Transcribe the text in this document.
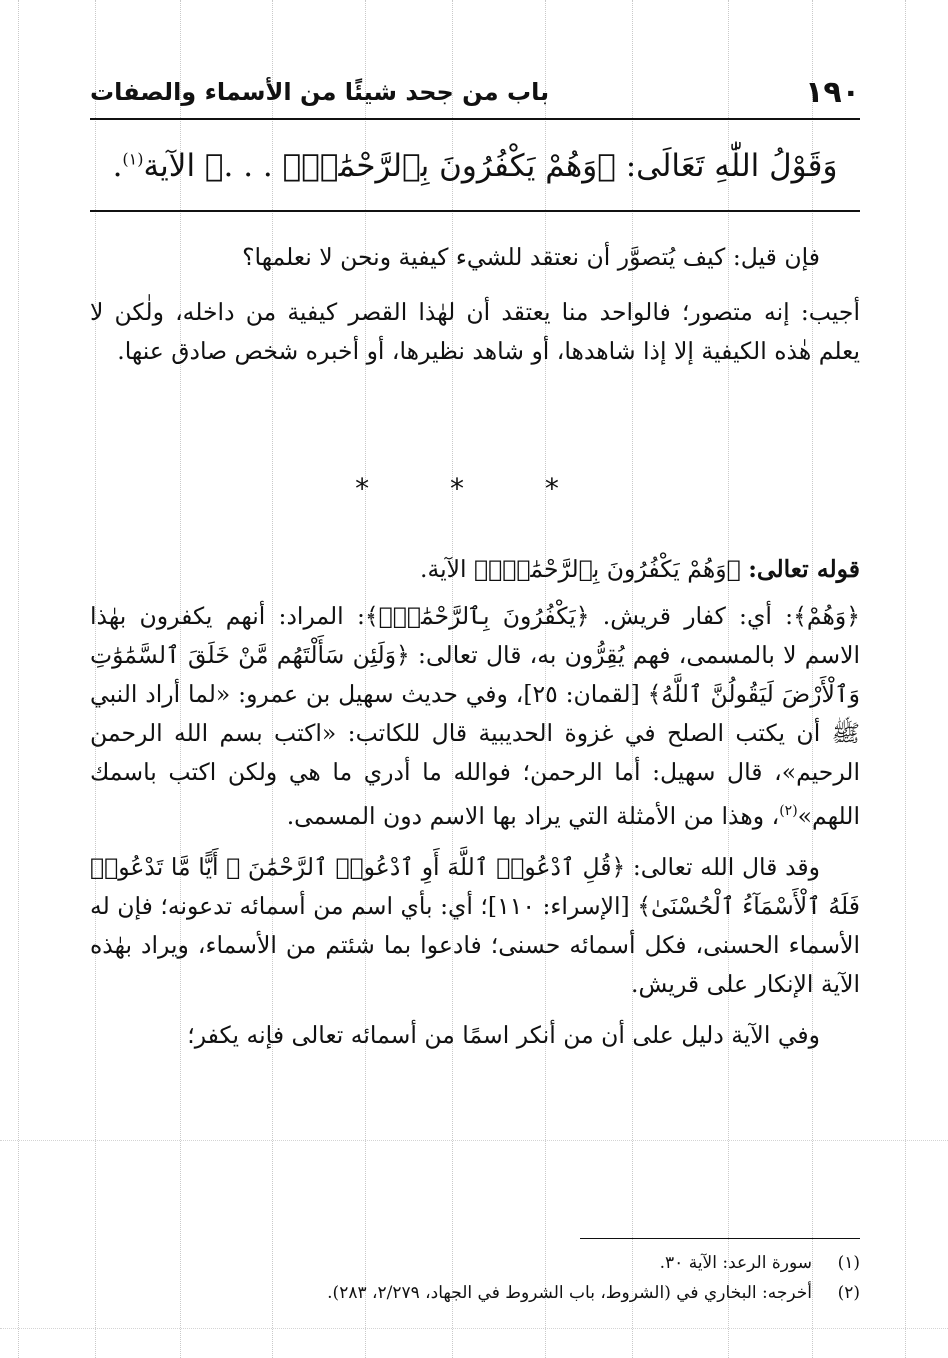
١٩٠
باب من جحد شيئًا من الأسماء والصفات
وَقَوْلُ اللّٰهِ تَعَالَى: ﴿وَهُمْ يَكْفُرُونَ بِٱلرَّحْمَٰنِۚ . . .﴾ الآية$^{(١)}$.

فإن قيل: كيف يُتصوَّر أن نعتقد للشيء كيفية ونحن لا نعلمها؟

أجيب: إنه متصور؛ فالواحد منا يعتقد أن لهٰذا القصر كيفية من داخله، ولٰكن لا يعلم هٰذه الكيفية إلا إذا شاهدها، أو شاهد نظيرها، أو أخبره شخص صادق عنها.

* * *

قوله تعالى: ﴿وَهُمْ يَكْفُرُونَ بِٱلرَّحْمَٰنِۚ﴾ الآية.

﴿وَهُمْ﴾: أي: كفار قريش. ﴿يَكْفُرُونَ بِٱلرَّحْمَٰنِۚ﴾: المراد: أنهم يكفرون بهٰذا الاسم لا بالمسمى، فهم يُقِرُّون به، قال تعالى: ﴿وَلَئِن سَأَلْتَهُم مَّنْ خَلَقَ ٱلسَّمَٰوَٰتِ وَٱلْأَرْضَ لَيَقُولُنَّ ٱللَّهُ﴾ [لقمان: ٢٥]، وفي حديث سهيل بن عمرو: «لما أراد النبي ﷺ أن يكتب الصلح في غزوة الحديبية قال للكاتب: «اكتب بسم الله الرحمن الرحيم»، قال سهيل: أما الرحمن؛ فوالله ما أدري ما هي ولكن اكتب باسمك اللهم»$^{(٢)}$، وهذا من الأمثلة التي يراد بها الاسم دون المسمى.

وقد قال الله تعالى: ﴿قُلِ ٱدْعُوا۟ ٱللَّهَ أَوِ ٱدْعُوا۟ ٱلرَّحْمَٰنَ ۖ أَيًّا مَّا تَدْعُوا۟ فَلَهُ ٱلْأَسْمَآءُ ٱلْحُسْنَىٰ﴾ [الإسراء: ١١٠]؛ أي: بأي اسم من أسمائه تدعونه؛ فإن له الأسماء الحسنى، فكل أسمائه حسنى؛ فادعوا بما شئتم من الأسماء، ويراد بهٰذه الآية الإنكار على قريش.

وفي الآية دليل على أن من أنكر اسمًا من أسمائه تعالى فإنه يكفر؛

(١)
سورة الرعد: الآية ٣٠.
(٢)
أخرجه: البخاري في (الشروط، باب الشروط في الجهاد، ٢/٢٧٩، ٢٨٣).
